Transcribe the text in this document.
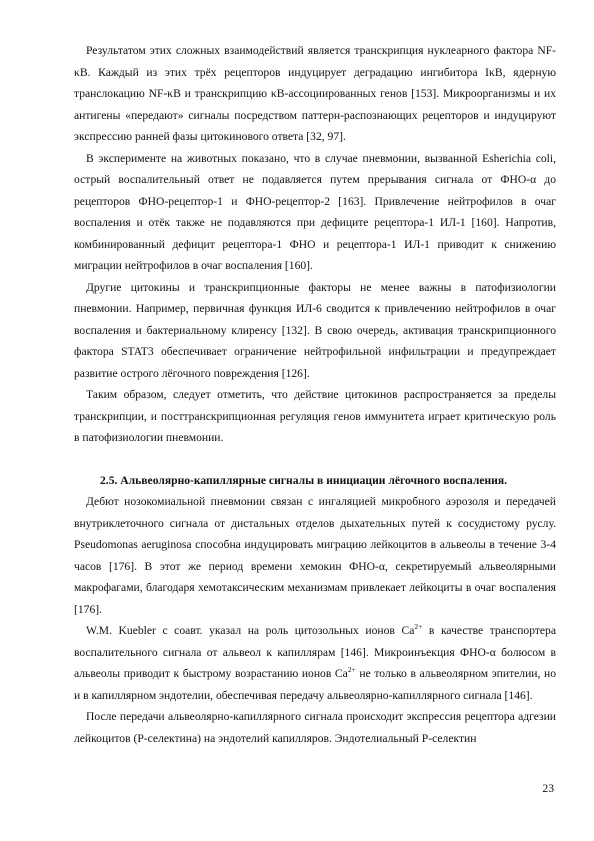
Результатом этих сложных взаимодействий является транскрипция нуклеарного фактора NF-κB. Каждый из этих трёх рецепторов индуцирует деградацию ингибитора IκB, ядерную транслокацию NF-κB и транскрипцию κB-ассоциированных генов [153]. Микроорганизмы и их антигены «передают» сигналы посредством паттерн-распознающих рецепторов и индуцируют экспрессию ранней фазы цитокинового ответа [32, 97].

В эксперименте на животных показано, что в случае пневмонии, вызванной Esherichia coli, острый воспалительный ответ не подавляется путем прерывания сигнала от ФНО-α до рецепторов ФНО-рецептор-1 и ФНО-рецептор-2 [163]. Привлечение нейтрофилов в очаг воспаления и отёк также не подавляются при дефиците рецептора-1 ИЛ-1 [160]. Напротив, комбинированный дефицит рецептора-1 ФНО и рецептора-1 ИЛ-1 приводит к снижению миграции нейтрофилов в очаг воспаления [160].

Другие цитокины и транскрипционные факторы не менее важны в патофизиологии пневмонии. Например, первичная функция ИЛ-6 сводится к привлечению нейтрофилов в очаг воспаления и бактериальному клиренсу [132]. В свою очередь, активация транскрипционного фактора STAT3 обеспечивает ограничение нейтрофильной инфильтрации и предупреждает развитие острого лёгочного повреждения [126].

Таким образом, следует отметить, что действие цитокинов распространяется за пределы транскрипции, и посттранскрипционная регуляция генов иммунитета играет критическую роль в патофизиологии пневмонии.

2.5. Альвеолярно-капиллярные сигналы в инициации лёгочного воспаления.

Дебют нозокомиальной пневмонии связан с ингаляцией микробного аэрозоля и передачей внутриклеточного сигнала от дистальных отделов дыхательных путей к сосудистому руслу. Pseudomonas aeruginosa способна индуцировать миграцию лейкоцитов в альвеолы в течение 3-4 часов [176]. В этот же период времени хемокин ФНО-α, секретируемый альвеолярными макрофагами, благодаря хемотаксическим механизмам привлекает лейкоциты в очаг воспаления [176].

W.M. Kuebler с соавт. указал на роль цитозольных ионов $Ca^{2+}$ в качестве транспортера воспалительного сигнала от альвеол к капиллярам [146]. Микроинъекция ФНО-α болюсом в альвеолы приводит к быстрому возрастанию ионов $Ca^{2+}$ не только в альвеолярном эпителии, но и в капиллярном эндотелии, обеспечивая передачу альвеолярно-капиллярного сигнала [146].

После передачи альвеолярно-капиллярного сигнала происходит экспрессия рецептора адгезии лейкоцитов (Р-селектина) на эндотелий капилляров. Эндотелиальный Р-селектин

23
